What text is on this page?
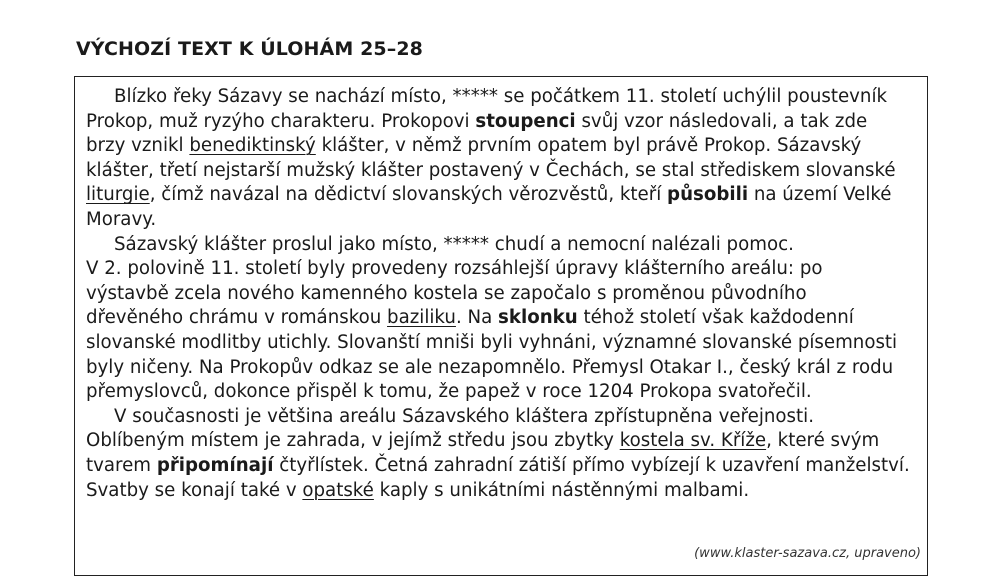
VÝCHOZÍ TEXT K ÚLOHÁM 25–28
Blízko řeky Sázavy se nachází místo, ***** se počátkem 11. století uchýlil poustevník
Prokop, muž ryzýho charakteru. Prokopovi stoupenci svůj vzor následovali, a tak zde
brzy vznikl benediktinský klášter, v němž prvním opatem byl právě Prokop. Sázavský
klášter, třetí nejstarší mužský klášter postavený v Čechách, se stal střediskem slovanské
liturgie, čímž navázal na dědictví slovanských věrozvěstů, kteří působili na území Velké
Moravy.
Sázavský klášter proslul jako místo, ***** chudí a nemocní nalézali pomoc.
V 2. polovině 11. století byly provedeny rozsáhlejší úpravy klášterního areálu: po
výstavbě zcela nového kamenného kostela se započalo s proměnou původního
dřevěného chrámu v románskou baziliku. Na sklonku téhož století však každodenní
slovanské modlitby utichly. Slovanští mniši byli vyhnáni, významné slovanské písemnosti
byly ničeny. Na Prokopův odkaz se ale nezapomnělo. Přemysl Otakar I., český král z rodu
přemyslovců, dokonce přispěl k tomu, že papež v roce 1204 Prokopa svatořečil.
V současnosti je většina areálu Sázavského kláštera zpřístupněna veřejnosti.
Oblíbeným místem je zahrada, v jejímž středu jsou zbytky kostela sv. Kříže, které svým
tvarem připomínají čtyřlístek. Četná zahradní zátiší přímo vybízejí k uzavření manželství.
Svatby se konají také v opatské kaply s unikátními nástěnnými malbami.
(www.klaster-sazava.cz, upraveno)
